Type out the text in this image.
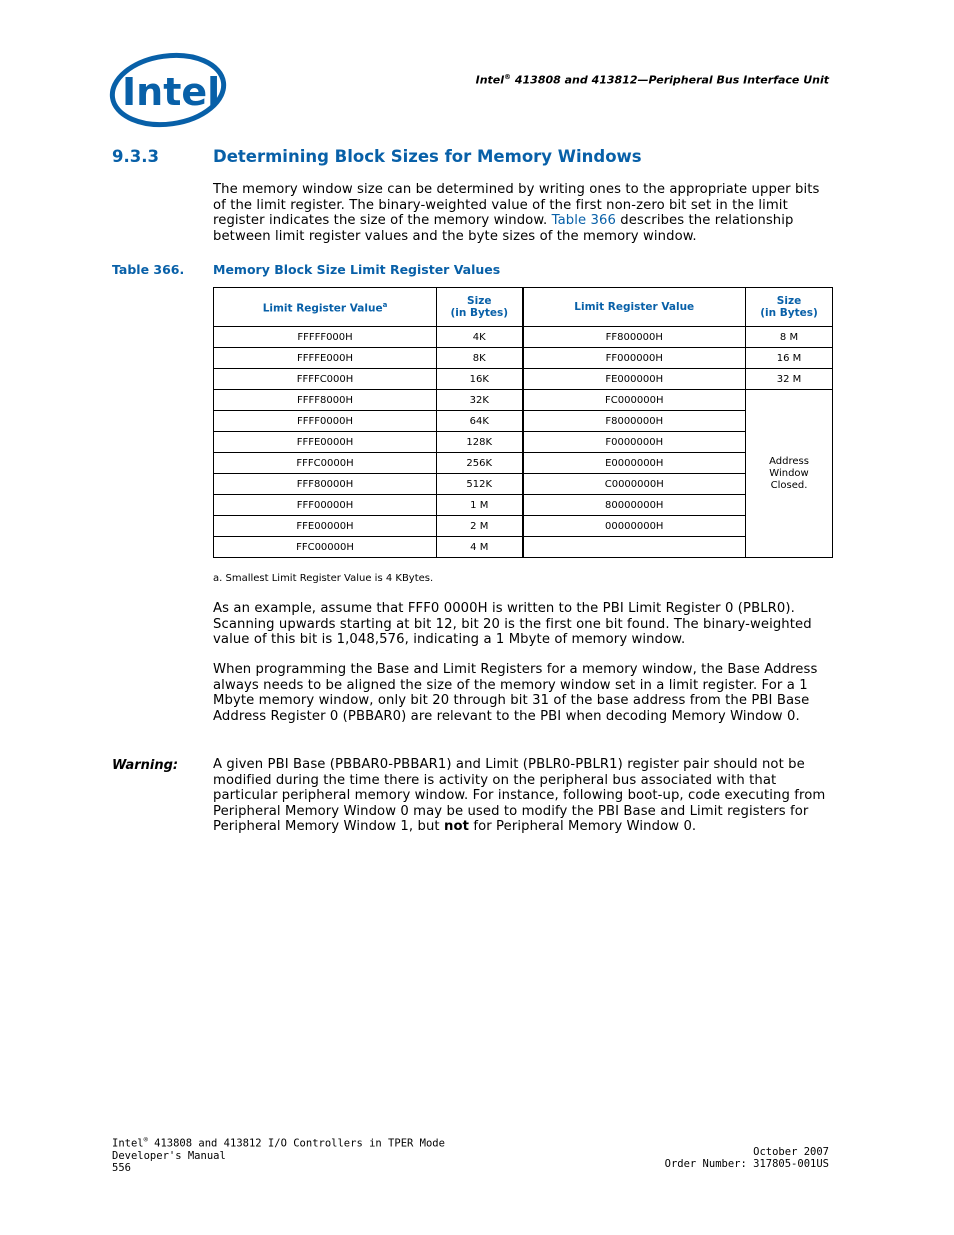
Intel	Intel® 413808 and 413812—Peripheral Bus Interface Unit
9.3.3	Determining Block Sizes for Memory Windows
The memory window size can be determined by writing ones to the appropriate upper bits of the limit register. The binary-weighted value of the first non-zero bit set in the limit register indicates the size of the memory window. Table 366 describes the relationship between limit register values and the byte sizes of the memory window.
Table 366. Memory Block Size Limit Register Values
Limit Register Value$^a$	Size
(in Bytes)	Limit Register Value	Size
(in Bytes)
FFFFF000H	4K	FF800000H	8 M
FFFFE000H	8K	FF000000H	16 M
FFFFC000H	16K	FE000000H	32 M
FFFF8000H	32K	FC000000H	Address
Window
Closed.

FFFF0000H	64K	F8000000H	
FFFE0000H	128K	F0000000H	
FFFC0000H	256K	E0000000H	
FFF80000H	512K	C0000000H	
FFF00000H	1 M	80000000H	
FFE00000H	2 M	00000000H	
FFC00000H	4 M		
a. Smallest Limit Register Value is 4 KBytes.
As an example, assume that FFF0 0000H is written to the PBI Limit Register 0 (PBLR0). Scanning upwards starting at bit 12, bit 20 is the first one bit found. The binary-weighted value of this bit is 1,048,576, indicating a 1 Mbyte of memory window.
When programming the Base and Limit Registers for a memory window, the Base Address always needs to be aligned the size of the memory window set in a limit register. For a 1 Mbyte memory window, only bit 20 through bit 31 of the base address from the PBI Base Address Register 0 (PBBAR0) are relevant to the PBI when decoding Memory Window 0.
Warning:	A given PBI Base (PBBAR0-PBBAR1) and Limit (PBLR0-PBLR1) register pair should not be modified during the time there is activity on the peripheral bus associated with that particular peripheral memory window. For instance, following boot-up, code executing from Peripheral Memory Window 0 may be used to modify the PBI Base and Limit registers for Peripheral Memory Window 1, but not for Peripheral Memory Window 0.
Intel® 413808 and 413812 I/O Controllers in TPER Mode
Developer's Manual
556
October 2007
Order Number: 317805-001US
